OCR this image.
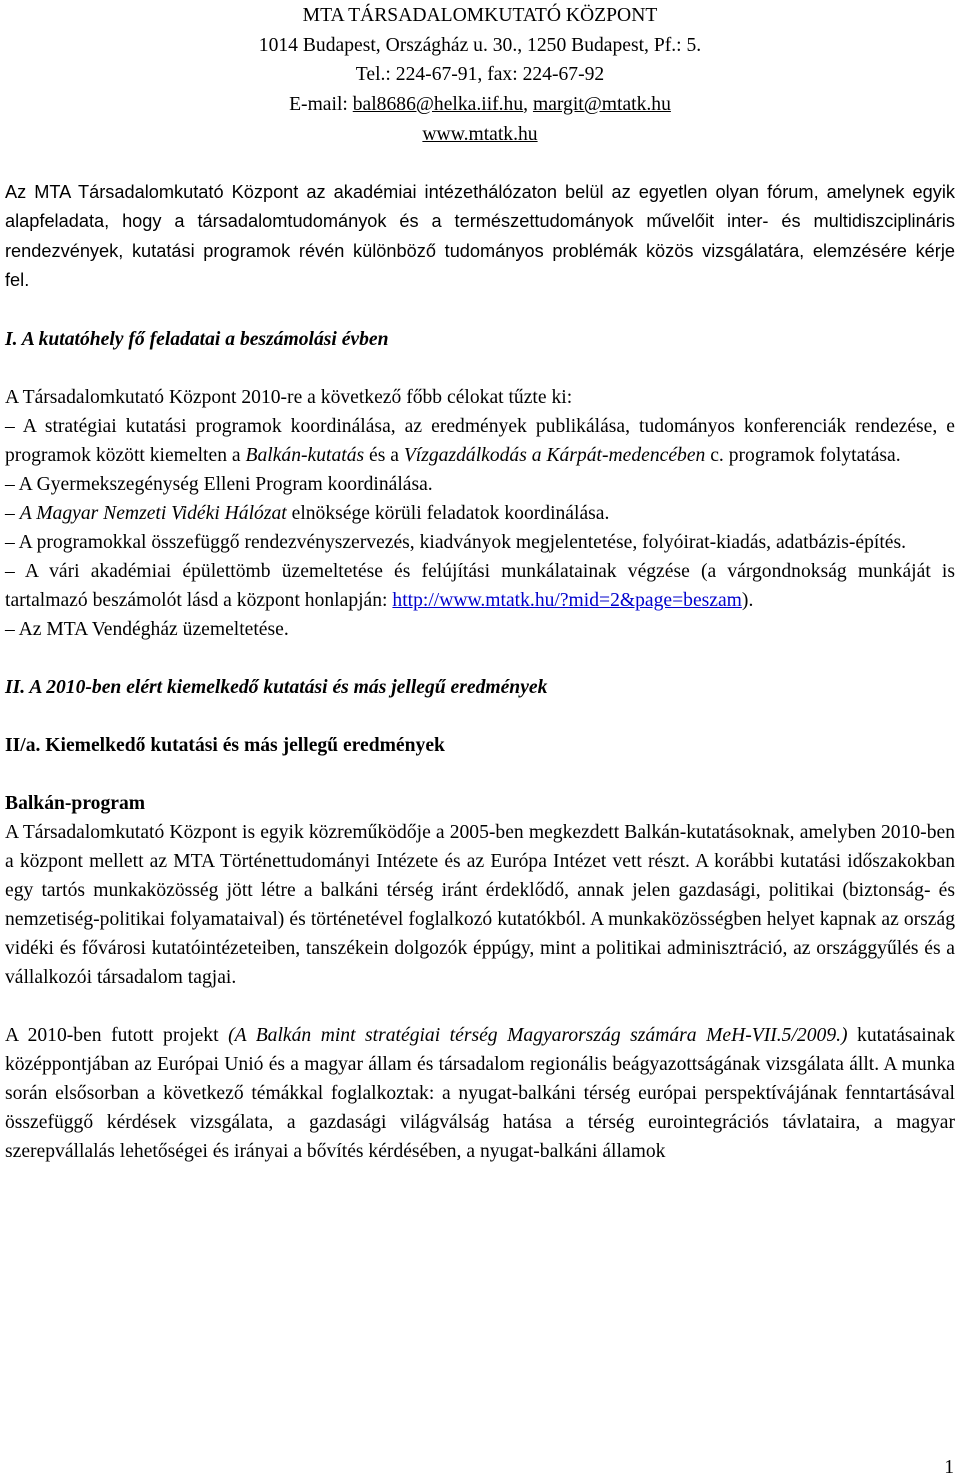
MTA TÁRSADALOMKUTATÓ KÖZPONT
1014 Budapest, Országház u. 30., 1250 Budapest, Pf.: 5.
Tel.: 224-67-91, fax: 224-67-92
E-mail: bal8686@helka.iif.hu, margit@mtatk.hu
www.mtatk.hu

Az MTA Társadalomkutató Központ az akadémiai intézethálózaton belül az egyetlen olyan fórum, amelynek egyik alapfeladata, hogy a társadalomtudományok és a természettudományok művelőit inter- és multidiszciplináris rendezvények, kutatási programok révén különböző tudományos problémák közös vizsgálatára, elemzésére kérje fel.

I. A kutatóhely fő feladatai a beszámolási évben

A Társadalomkutató Központ 2010-re a következő főbb célokat tűzte ki:

– A stratégiai kutatási programok koordinálása, az eredmények publikálása, tudományos konferenciák rendezése, e programok között kiemelten a Balkán-kutatás és a Vízgazdálkodás a Kárpát-medencében c. programok folytatása.

– A Gyermekszegénység Elleni Program koordinálása.

– A Magyar Nemzeti Vidéki Hálózat elnöksége körüli feladatok koordinálása.

– A programokkal összefüggő rendezvényszervezés, kiadványok megjelentetése, folyóirat-kiadás, adatbázis-építés.

– A vári akadémiai épülettömb üzemeltetése és felújítási munkálatainak végzése (a várgondnokság munkáját is tartalmazó beszámolót lásd a központ honlapján: http://www.mtatk.hu/?mid=2&page=beszam).

– Az MTA Vendégház üzemeltetése.

II. A 2010-ben elért kiemelkedő kutatási és más jellegű eredmények
II/a. Kiemelkedő kutatási és más jellegű eredmények
Balkán-program

A Társadalomkutató Központ is egyik közreműködője a 2005-ben megkezdett Balkán-kutatásoknak, amelyben 2010-ben a központ mellett az MTA Történettudományi Intézete és az Európa Intézet vett részt. A korábbi kutatási időszakokban egy tartós munkaközösség jött létre a balkáni térség iránt érdeklődő, annak jelen gazdasági, politikai (biztonság- és nemzetiség-politikai folyamataival) és történetével foglalkozó kutatókból. A munkaközösségben helyet kapnak az ország vidéki és fővárosi kutatóintézeteiben, tanszékein dolgozók éppúgy, mint a politikai adminisztráció, az országgyűlés és a vállalkozói társadalom tagjai.

A 2010-ben futott projekt (A Balkán mint stratégiai térség Magyarország számára MeH-VII.5/2009.) kutatásainak középpontjában az Európai Unió és a magyar állam és társadalom regionális beágyazottságának vizsgálata állt. A munka során elsősorban a következő témákkal foglalkoztak: a nyugat-balkáni térség európai perspektívájának fenntartásával összefüggő kérdések vizsgálata, a gazdasági világválság hatása a térség eurointegrációs távlataira, a magyar szerepvállalás lehetőségei és irányai a bővítés kérdésében, a nyugat-balkáni államok

1
